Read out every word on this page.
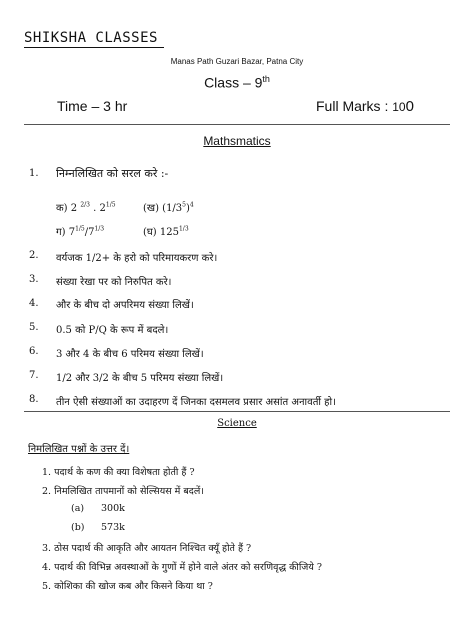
SHIKSHA CLASSES
Manas Path Guzari Bazar, Patna City
Class – 9th
Time – 3 hr	Full Marks : 100
Mathsmatics
1. निम्नलिखित को सरल करे :-
क) 2 $^{2/3}$ . $2^{1/5}$	(ख) $(1/3^5)^4$
ग) $7^{1/5}/7^{1/3}$	(घ) $125^{1/3}$
2. वर्यजक 1/2+ के हरो को परिमायकरण करे।
3. संख्या रेखा पर को निरुपित करे।
4. और के बीच दो अपरिमय संख्या लिखें।
5. 0.5 को P/Q के रूप में बदले।
6. 3 और 4 के बीच 6 परिमय संख्या लिखें।
7. 1/2 और 3/2 के बीच 5 परिमय संख्या लिखें।
8. तीन ऐसी संख्याओं का उदाहरण दें जिनका दसमलव प्रसार असांत अनावर्ती हो।
Science
निमलिखित पश्नों के उत्तर दें।
1. पदार्थ के कण की क्या विशेषता होती हैं ?
2. निमलिखित तापमानों को सेल्सियस में बदलें।
(a) 300k
(b) 573k
3. ठोस पदार्थ की आकृति और आयतन निश्चित क्यूँ होते हैं ?
4. पदार्थ की विभिन्न अवस्थाओं के गुणों में होने वाले अंतर को सरणिवृद्ध कीजिये ?
5. कोशिका की खोज कब और किसने किया था ?
